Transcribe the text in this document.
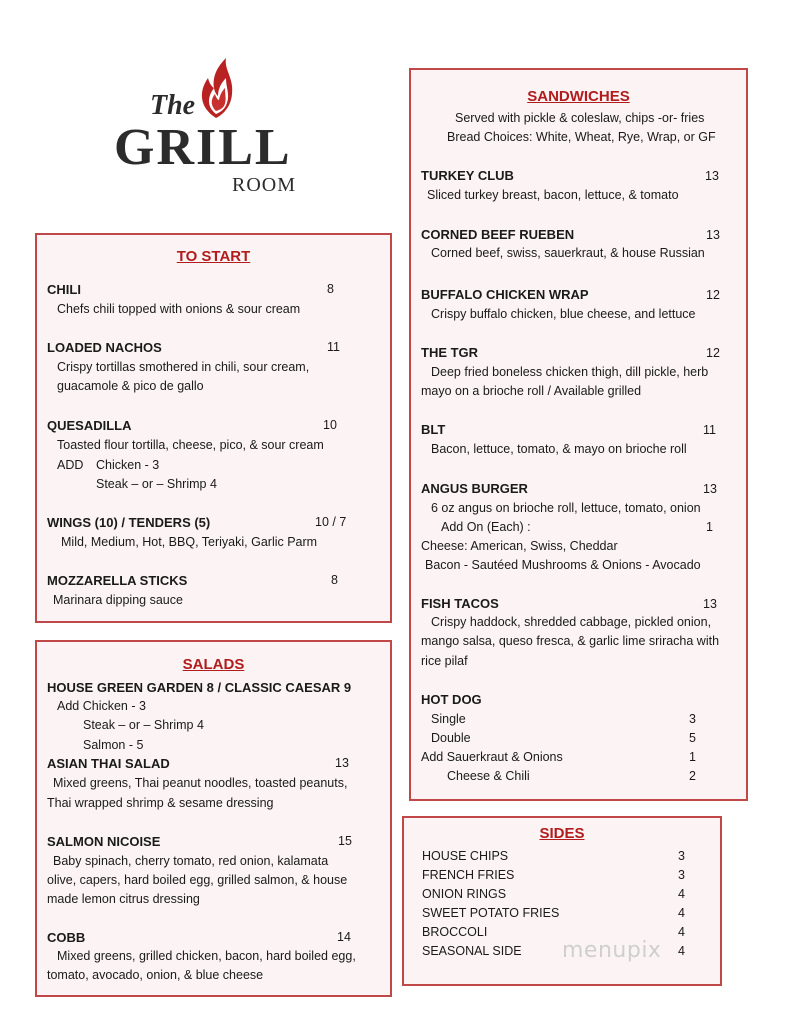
The
GRILL
ROOM
TO START
CHILI	8
Chefs chili topped with onions & sour cream
LOADED NACHOS	11
Crispy tortillas smothered in chili, sour cream,
guacamole & pico de gallo
QUESADILLA	10
Toasted flour tortilla, cheese, pico, & sour cream
ADD Chicken - 3
Steak – or – Shrimp 4
WINGS (10) / TENDERS (5)	10 / 7
Mild, Medium, Hot, BBQ, Teriyaki, Garlic Parm
MOZZARELLA STICKS	8
Marinara dipping sauce
SALADS
HOUSE GREEN GARDEN 8 / CLASSIC CAESAR 9
Add Chicken - 3
Steak – or – Shrimp 4
Salmon - 5
ASIAN THAI SALAD	13
Mixed greens, Thai peanut noodles, toasted peanuts,
Thai wrapped shrimp & sesame dressing
SALMON NICOISE	15
Baby spinach, cherry tomato, red onion, kalamata
olive, capers, hard boiled egg, grilled salmon, & house
made lemon citrus dressing
COBB	14
Mixed greens, grilled chicken, bacon, hard boiled egg,
tomato, avocado, onion, & blue cheese
SANDWICHES
Served with pickle & coleslaw, chips -or- fries
Bread Choices: White, Wheat, Rye, Wrap, or GF
TURKEY CLUB	13
Sliced turkey breast, bacon, lettuce, & tomato
CORNED BEEF RUEBEN	13
Corned beef, swiss, sauerkraut, & house Russian
BUFFALO CHICKEN WRAP	12
Crispy buffalo chicken, blue cheese, and lettuce
THE TGR	12
Deep fried boneless chicken thigh, dill pickle, herb
mayo on a brioche roll / Available grilled
BLT	11
Bacon, lettuce, tomato, & mayo on brioche roll
ANGUS BURGER	13
6 oz angus on brioche roll, lettuce, tomato, onion
Add On (Each) :	1
Cheese: American, Swiss, Cheddar
Bacon - Sautéed Mushrooms & Onions - Avocado
FISH TACOS	13
Crispy haddock, shredded cabbage, pickled onion,
mango salsa, queso fresca, & garlic lime sriracha with
rice pilaf
HOT DOG
Single	3
Double	5
Add Sauerkraut & Onions	1
Cheese & Chili	2
SIDES
HOUSE CHIPS	3
FRENCH FRIES	3
ONION RINGS	4
SWEET POTATO FRIES	4
BROCCOLI	4
SEASONAL SIDE	4
menupix
